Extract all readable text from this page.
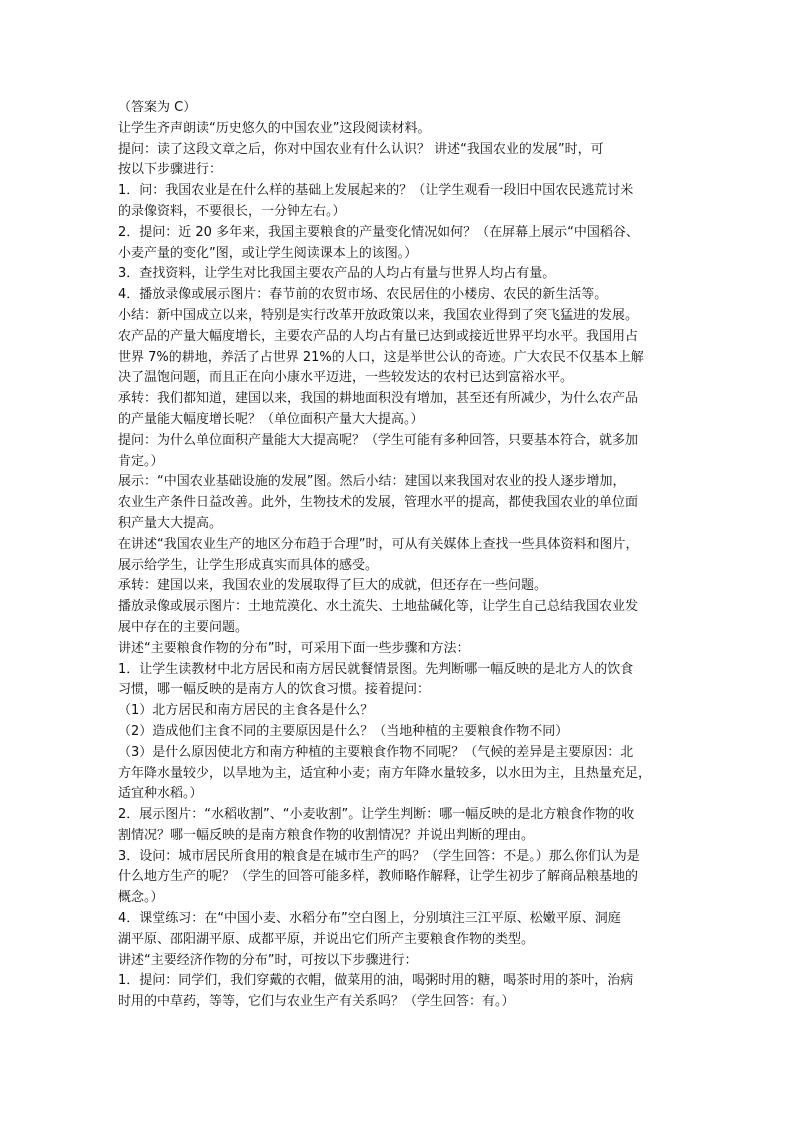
（答案为 C）
让学生齐声朗读“历史悠久的中国农业”这段阅读材料。
提问：读了这段文章之后，你对中国农业有什么认识？ 讲述“我国农业的发展”时，可
按以下步骤进行：
1．问：我国农业是在什么样的基础上发展起来的？（让学生观看一段旧中国农民逃荒讨米
的录像资料，不要很长，一分钟左右。）
2．提问：近 20 多年来，我国主要粮食的产量变化情况如何？（在屏幕上展示“中国稻谷、
小麦产量的变化”图，或让学生阅读课本上的该图。）
3．查找资料，让学生对比我国主要农产品的人均占有量与世界人均占有量。
4．播放录像或展示图片：春节前的农贸市场、农民居住的小楼房、农民的新生活等。
小结：新中国成立以来，特别是实行改革开放政策以来，我国农业得到了突飞猛进的发展。
农产品的产量大幅度增长，主要农产品的人均占有量已达到或接近世界平均水平。我国用占
世界 7%的耕地，养活了占世界 21%的人口，这是举世公认的奇迹。广大农民不仅基本上解
决了温饱问题，而且正在向小康水平迈进，一些较发达的农村已达到富裕水平。
承转：我们都知道，建国以来，我国的耕地面积没有增加，甚至还有所减少，为什么农产品
的产量能大幅度增长呢？（单位面积产量大大提高。）
提问：为什么单位面积产量能大大提高呢？（学生可能有多种回答，只要基本符合，就多加
肯定。）
展示：“中国农业基础设施的发展”图。然后小结：建国以来我国对农业的投人逐步增加，
农业生产条件日益改善。此外，生物技术的发展，管理水平的提高，都使我国农业的单位面
积产量大大提高。
在讲述“我国农业生产的地区分布趋于合理”时，可从有关媒体上查找一些具体资料和图片，
展示给学生，让学生形成真实而具体的感受。
承转：建国以来，我国农业的发展取得了巨大的成就，但还存在一些问题。
播放录像或展示图片：土地荒漠化、水土流失、土地盐碱化等，让学生自己总结我国农业发
展中存在的主要问题。
讲述“主要粮食作物的分布”时，可采用下面一些步骤和方法：
1．让学生读教材中北方居民和南方居民就餐情景图。先判断哪一幅反映的是北方人的饮食
习惯，哪一幅反映的是南方人的饮食习惯。接着提问：
（1）北方居民和南方居民的主食各是什么？
（2）造成他们主食不同的主要原因是什么？（当地种植的主要粮食作物不同）
（3）是什么原因使北方和南方种植的主要粮食作物不同呢？（气候的差异是主要原因：北
方年降水量较少，以旱地为主，适宜种小麦；南方年降水量较多，以水田为主，且热量充足，
适宜种水稻。）
2．展示图片：“水稻收割”、“小麦收割”。让学生判断：哪一幅反映的是北方粮食作物的收
割情况？哪一幅反映的是南方粮食作物的收割情况？并说出判断的理由。
3．设问：城市居民所食用的粮食是在城市生产的吗？（学生回答：不是。）那么你们认为是
什么地方生产的呢？（学生的回答可能多样，教师略作解释，让学生初步了解商品粮基地的
概念。）
4．课堂练习：在“中国小麦、水稻分布”空白图上，分别填注三江平原、松嫩平原、洞庭
湖平原、邵阳湖平原、成都平原，并说出它们所产主要粮食作物的类型。
讲述“主要经济作物的分布”时，可按以下步骤进行：
1．提问：同学们，我们穿戴的衣帽，做菜用的油，喝粥时用的糖，喝茶时用的茶叶，治病
时用的中草药，等等，它们与农业生产有关系吗？（学生回答：有。）
